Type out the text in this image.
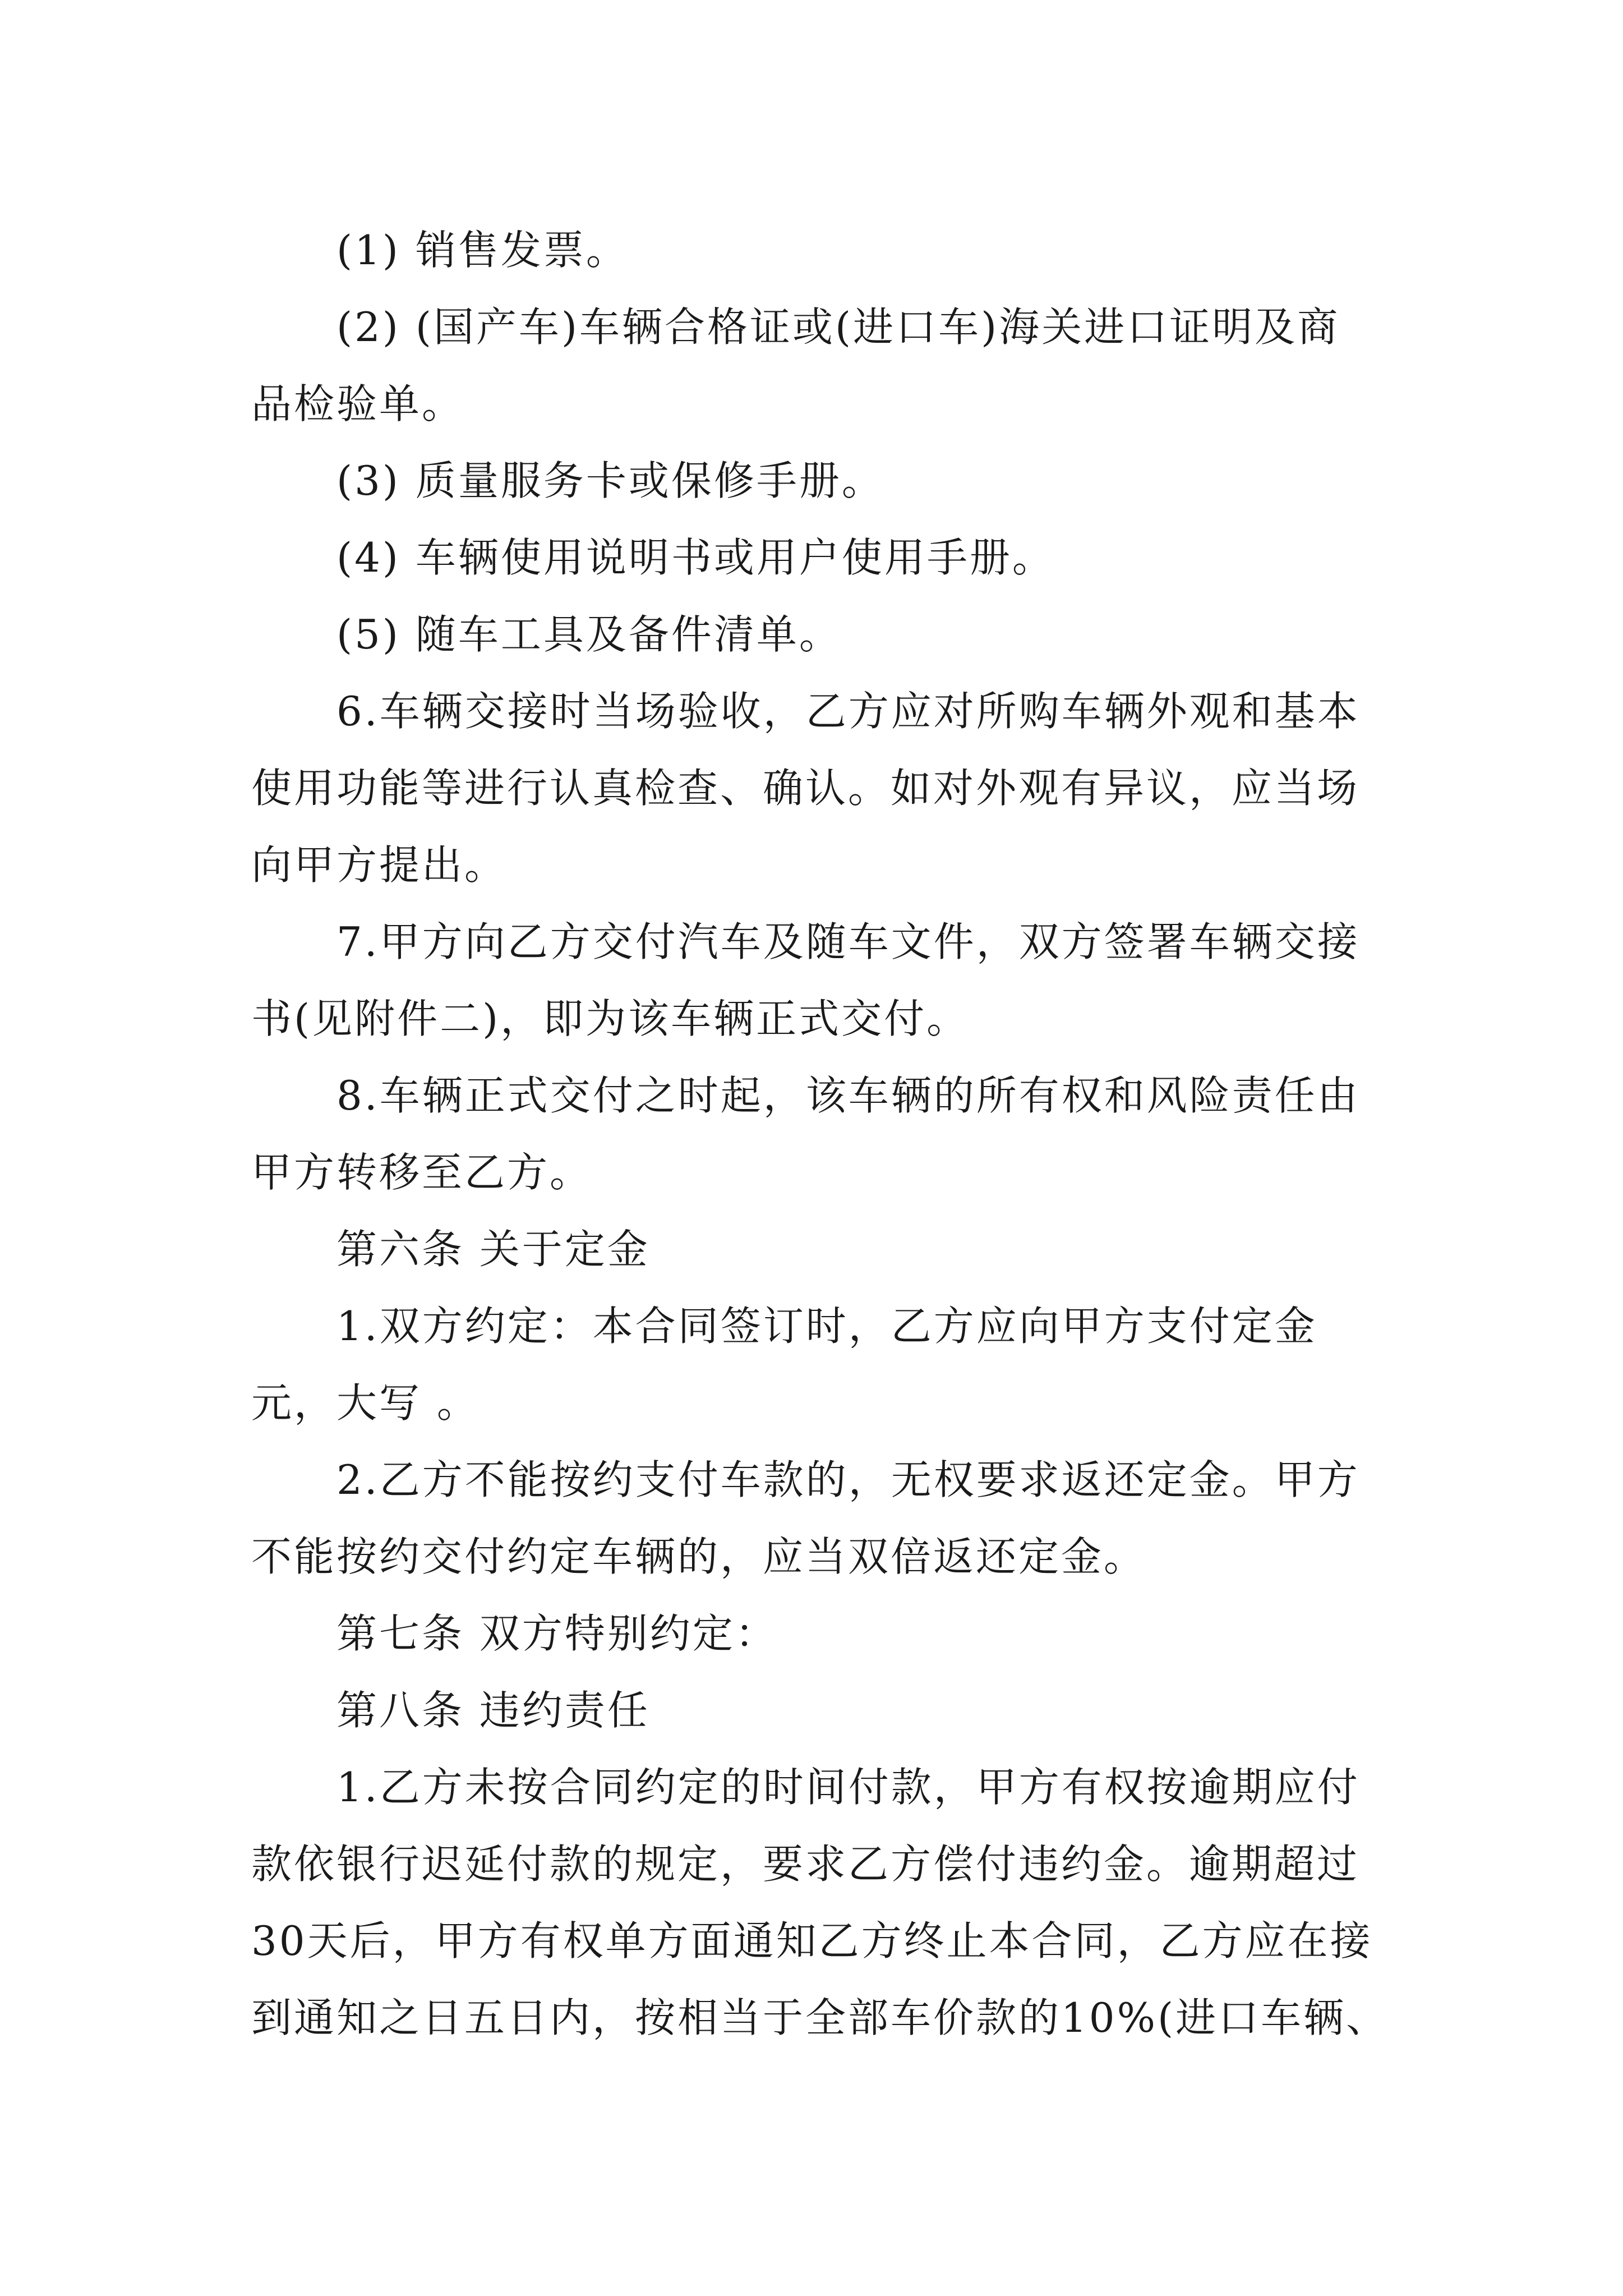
(1) 销售发票。
(2) (国产车)车辆合格证或(进口车)海关进口证明及商
品检验单。
(3) 质量服务卡或保修手册。
(4) 车辆使用说明书或用户使用手册。
(5) 随车工具及备件清单。
6.车辆交接时当场验收，乙方应对所购车辆外观和基本
使用功能等进行认真检查、确认。如对外观有异议，应当场
向甲方提出。
7.甲方向乙方交付汽车及随车文件，双方签署车辆交接
书(见附件二)，即为该车辆正式交付。
8.车辆正式交付之时起，该车辆的所有权和风险责任由
甲方转移至乙方。
第六条 关于定金
1.双方约定：本合同签订时，乙方应向甲方支付定金
元，大写 。
2.乙方不能按约支付车款的，无权要求返还定金。甲方
不能按约交付约定车辆的，应当双倍返还定金。
第七条 双方特别约定：
第八条 违约责任
1.乙方未按合同约定的时间付款，甲方有权按逾期应付
款依银行迟延付款的规定，要求乙方偿付违约金。逾期超过
30天后，甲方有权单方面通知乙方终止本合同，乙方应在接
到通知之日五日内，按相当于全部车价款的10%(进口车辆、
